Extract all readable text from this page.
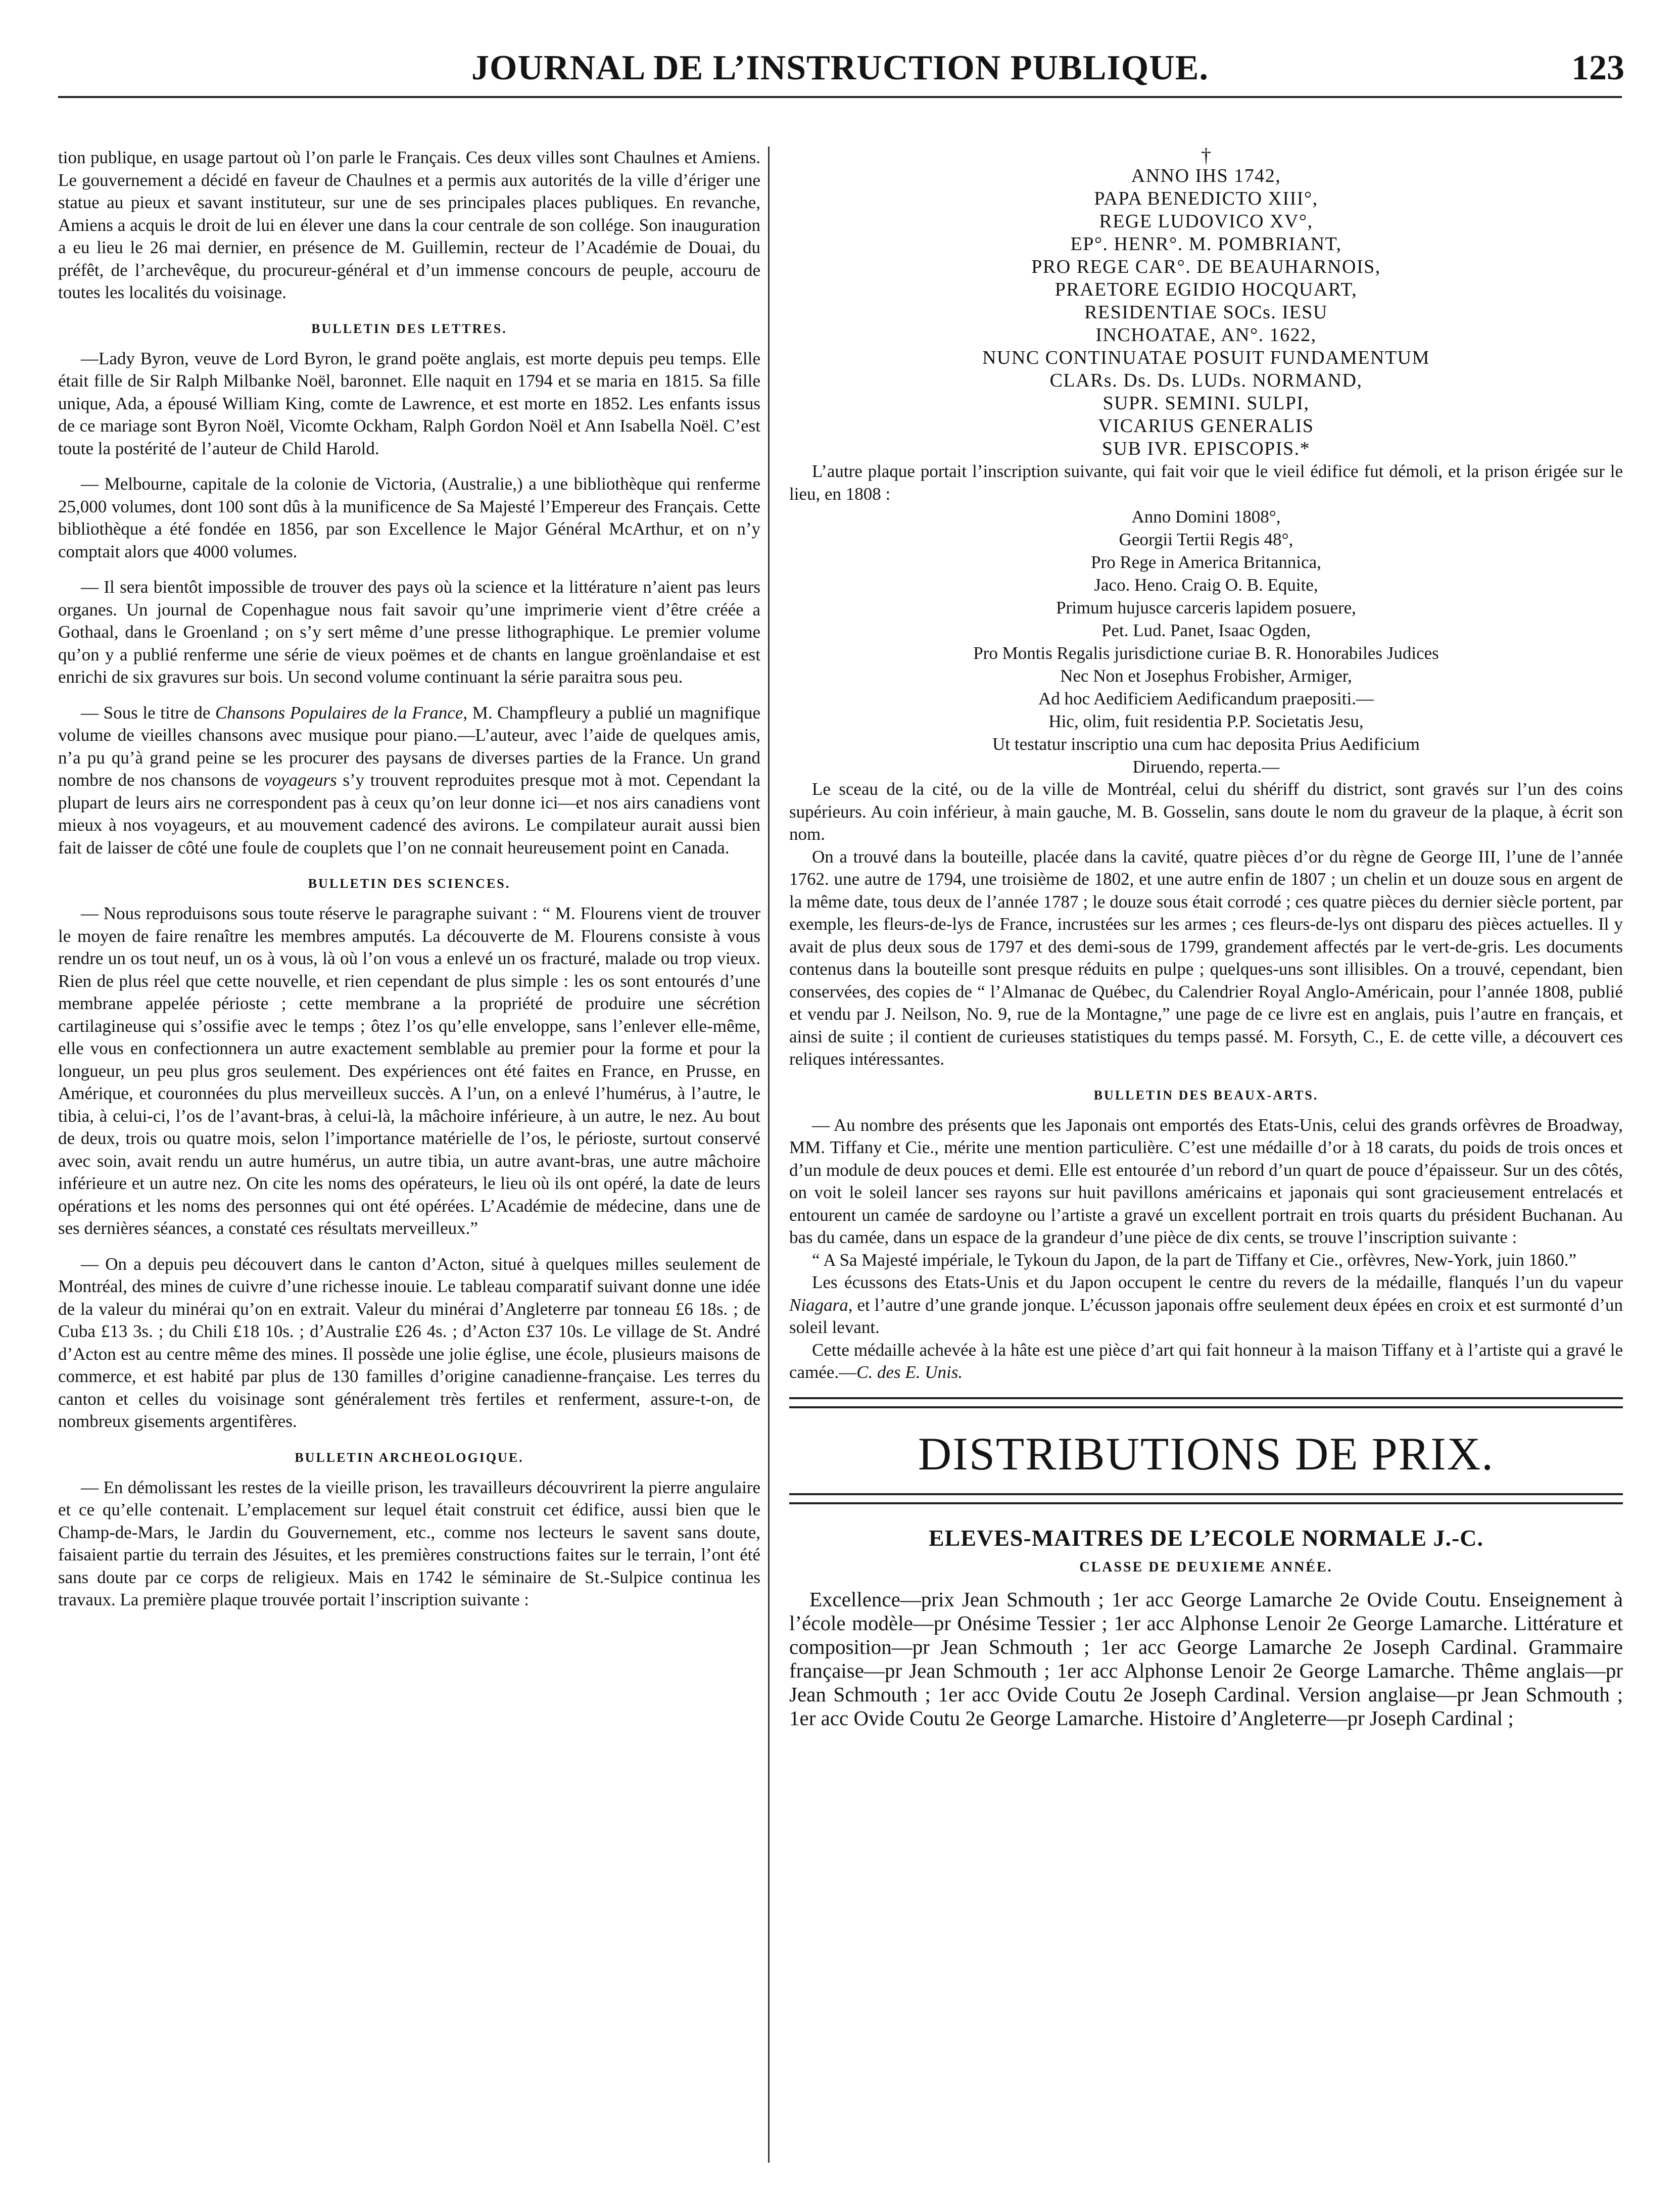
JOURNAL DE L’INSTRUCTION PUBLIQUE.	123

tion publique, en usage partout où l’on parle le Français. Ces deux villes sont Chaulnes et Amiens. Le gouvernement a décidé en faveur de Chaulnes et a permis aux autorités de la ville d’ériger une statue au pieux et savant instituteur, sur une de ses principales places publiques. En revanche, Amiens a acquis le droit de lui en élever une dans la cour centrale de son collége. Son inauguration a eu lieu le 26 mai dernier, en présence de M. Guillemin, recteur de l’Académie de Douai, du préfêt, de l’archevêque, du procureur-général et d’un immense concours de peuple, accouru de toutes les localités du voisinage.

BULLETIN DES LETTRES.

—Lady Byron, veuve de Lord Byron, le grand poëte anglais, est morte depuis peu temps. Elle était fille de Sir Ralph Milbanke Noël, baronnet. Elle naquit en 1794 et se maria en 1815. Sa fille unique, Ada, a épousé William King, comte de Lawrence, et est morte en 1852. Les enfants issus de ce mariage sont Byron Noël, Vicomte Ockham, Ralph Gordon Noël et Ann Isabella Noël. C’est toute la postérité de l’auteur de Child Harold.

— Melbourne, capitale de la colonie de Victoria, (Australie,) a une bibliothèque qui renferme 25,000 volumes, dont 100 sont dûs à la munificence de Sa Majesté l’Empereur des Français. Cette bibliothèque a été fondée en 1856, par son Excellence le Major Général McArthur, et on n’y comptait alors que 4000 volumes.

— Il sera bientôt impossible de trouver des pays où la science et la littérature n’aient pas leurs organes. Un journal de Copenhague nous fait savoir qu’une imprimerie vient d’être créée a Gothaal, dans le Groenland ; on s’y sert même d’une presse lithographique. Le premier volume qu’on y a publié renferme une série de vieux poëmes et de chants en langue groënlandaise et est enrichi de six gravures sur bois. Un second volume continuant la série paraitra sous peu.

— Sous le titre de Chansons Populaires de la France, M. Champfleury a publié un magnifique volume de vieilles chansons avec musique pour piano.—L’auteur, avec l’aide de quelques amis, n’a pu qu’à grand peine se les procurer des paysans de diverses parties de la France. Un grand nombre de nos chansons de voyageurs s’y trouvent reproduites presque mot à mot. Cependant la plupart de leurs airs ne correspondent pas à ceux qu’on leur donne ici—et nos airs canadiens vont mieux à nos voyageurs, et au mouvement cadencé des avirons. Le compilateur aurait aussi bien fait de laisser de côté une foule de couplets que l’on ne connait heureusement point en Canada.

BULLETIN DES SCIENCES.

— Nous reproduisons sous toute réserve le paragraphe suivant : “ M. Flourens vient de trouver le moyen de faire renaître les membres amputés. La découverte de M. Flourens consiste à vous rendre un os tout neuf, un os à vous, là où l’on vous a enlevé un os fracturé, malade ou trop vieux. Rien de plus réel que cette nouvelle, et rien cependant de plus simple : les os sont entourés d’une membrane appelée périoste ; cette membrane a la propriété de produire une sécrétion cartilagineuse qui s’ossifie avec le temps ; ôtez l’os qu’elle enveloppe, sans l’enlever elle-même, elle vous en confectionnera un autre exactement semblable au premier pour la forme et pour la longueur, un peu plus gros seulement. Des expériences ont été faites en France, en Prusse, en Amérique, et couronnées du plus merveilleux succès. A l’un, on a enlevé l’humérus, à l’autre, le tibia, à celui-ci, l’os de l’avant-bras, à celui-là, la mâchoire inférieure, à un autre, le nez. Au bout de deux, trois ou quatre mois, selon l’importance matérielle de l’os, le périoste, surtout conservé avec soin, avait rendu un autre humérus, un autre tibia, un autre avant-bras, une autre mâchoire inférieure et un autre nez. On cite les noms des opérateurs, le lieu où ils ont opéré, la date de leurs opérations et les noms des personnes qui ont été opérées. L’Académie de médecine, dans une de ses dernières séances, a constaté ces résultats merveilleux.”

— On a depuis peu découvert dans le canton d’Acton, situé à quelques milles seulement de Montréal, des mines de cuivre d’une richesse inouie. Le tableau comparatif suivant donne une idée de la valeur du minérai qu’on en extrait. Valeur du minérai d’Angleterre par tonneau £6 18s. ; de Cuba £13 3s. ; du Chili £18 10s. ; d’Australie £26 4s. ; d’Acton £37 10s. Le village de St. André d’Acton est au centre même des mines. Il possède une jolie église, une école, plusieurs maisons de commerce, et est habité par plus de 130 familles d’origine canadienne-française. Les terres du canton et celles du voisinage sont généralement très fertiles et renferment, assure-t-on, de nombreux gisements argentifères.

BULLETIN ARCHEOLOGIQUE.

— En démolissant les restes de la vieille prison, les travailleurs découvrirent la pierre angulaire et ce qu’elle contenait. L’emplacement sur lequel était construit cet édifice, aussi bien que le Champ-de-Mars, le Jardin du Gouvernement, etc., comme nos lecteurs le savent sans doute, faisaient partie du terrain des Jésuites, et les premières constructions faites sur le terrain, l’ont été sans doute par ce corps de religieux. Mais en 1742 le séminaire de St.-Sulpice continua les travaux. La première plaque trouvée portait l’inscription suivante :

†

ANNO IHS 1742,
PAPA BENEDICTO XIII°,
REGE LUDOVICO XV°,
EP°. HENR°. M. POMBRIANT,
PRO REGE CAR°. DE BEAUHARNOIS,
PRAETORE EGIDIO HOCQUART,
RESIDENTIAE SOCs. IESU
INCHOATAE, AN°. 1622,
NUNC CONTINUATAE POSUIT FUNDAMENTUM
CLARs. Ds. Ds. LUDs. NORMAND,
SUPR. SEMINI. SULPI,
VICARIUS GENERALIS
SUB IVR. EPISCOPIS.*

L’autre plaque portait l’inscription suivante, qui fait voir que le vieil édifice fut démoli, et la prison érigée sur le lieu, en 1808 :

Anno Domini 1808°,
Georgii Tertii Regis 48°,
Pro Rege in America Britannica,
Jaco. Heno. Craig O. B. Equite,
Primum hujusce carceris lapidem posuere,
Pet. Lud. Panet, Isaac Ogden,
Pro Montis Regalis jurisdictione curiae B. R. Honorabiles Judices
Nec Non et Josephus Frobisher, Armiger,
Ad hoc Aedificiem Aedificandum praepositi.—
Hic, olim, fuit residentia P.P. Societatis Jesu,
Ut testatur inscriptio una cum hac deposita Prius Aedificium
Diruendo, reperta.—

Le sceau de la cité, ou de la ville de Montréal, celui du shériff du district, sont gravés sur l’un des coins supérieurs. Au coin inférieur, à main gauche, M. B. Gosselin, sans doute le nom du graveur de la plaque, à écrit son nom.

On a trouvé dans la bouteille, placée dans la cavité, quatre pièces d’or du règne de George III, l’une de l’année 1762. une autre de 1794, une troisième de 1802, et une autre enfin de 1807 ; un chelin et un douze sous en argent de la même date, tous deux de l’année 1787 ; le douze sous était corrodé ; ces quatre pièces du dernier siècle portent, par exemple, les fleurs-de-lys de France, incrustées sur les armes ; ces fleurs-de-lys ont disparu des pièces actuelles. Il y avait de plus deux sous de 1797 et des demi-sous de 1799, grandement affectés par le vert-de-gris. Les documents contenus dans la bouteille sont presque réduits en pulpe ; quelques-uns sont illisibles. On a trouvé, cependant, bien conservées, des copies de “ l’Almanac de Québec, du Calendrier Royal Anglo-Américain, pour l’année 1808, publié et vendu par J. Neilson, No. 9, rue de la Montagne,” une page de ce livre est en anglais, puis l’autre en français, et ainsi de suite ; il contient de curieuses statistiques du temps passé. M. Forsyth, C., E. de cette ville, a découvert ces reliques intéressantes.

BULLETIN DES BEAUX-ARTS.

— Au nombre des présents que les Japonais ont emportés des Etats-Unis, celui des grands orfèvres de Broadway, MM. Tiffany et Cie., mérite une mention particulière. C’est une médaille d’or à 18 carats, du poids de trois onces et d’un module de deux pouces et demi. Elle est entourée d’un rebord d’un quart de pouce d’épaisseur. Sur un des côtés, on voit le soleil lancer ses rayons sur huit pavillons américains et japonais qui sont gracieusement entrelacés et entourent un camée de sardoyne ou l’artiste a gravé un excellent portrait en trois quarts du président Buchanan. Au bas du camée, dans un espace de la grandeur d’une pièce de dix cents, se trouve l’inscription suivante :

“ A Sa Majesté impériale, le Tykoun du Japon, de la part de Tiffany et Cie., orfèvres, New-York, juin 1860.”

Les écussons des Etats-Unis et du Japon occupent le centre du revers de la médaille, flanqués l’un du vapeur Niagara, et l’autre d’une grande jonque. L’écusson japonais offre seulement deux épées en croix et est surmonté d’un soleil levant.

Cette médaille achevée à la hâte est une pièce d’art qui fait honneur à la maison Tiffany et à l’artiste qui a gravé le camée.—C. des E. Unis.

DISTRIBUTIONS DE PRIX.
ELEVES-MAITRES DE L’ECOLE NORMALE J.-C.
CLASSE DE DEUXIEME ANNÉE.

Excellence—prix Jean Schmouth ; 1er acc George Lamarche 2e Ovide Coutu. Enseignement à l’école modèle—pr Onésime Tessier ; 1er acc Alphonse Lenoir 2e George Lamarche. Littérature et composition—pr Jean Schmouth ; 1er acc George Lamarche 2e Joseph Cardinal. Grammaire française—pr Jean Schmouth ; 1er acc Alphonse Lenoir 2e George Lamarche. Thême anglais—pr Jean Schmouth ; 1er acc Ovide Coutu 2e Joseph Cardinal. Version anglaise—pr Jean Schmouth ; 1er acc Ovide Coutu 2e George Lamarche. Histoire d’Angleterre—pr Joseph Cardinal ;
